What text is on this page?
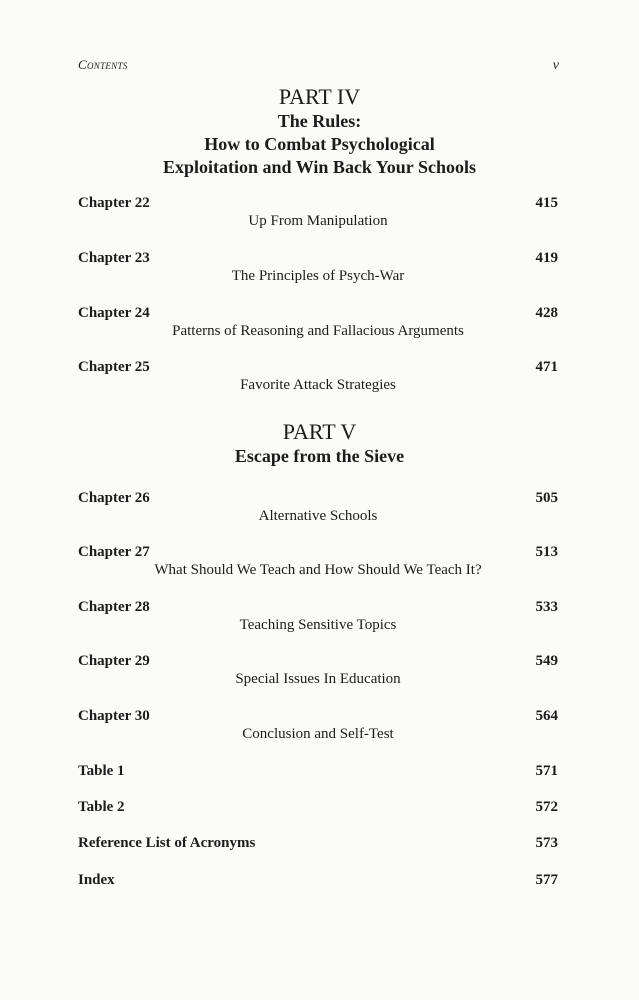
Contents	v
PART IV
The Rules:
How to Combat Psychological
Exploitation and Win Back Your Schools
Chapter 22	415
Up From Manipulation
Chapter 23	419
The Principles of Psych-War
Chapter 24	428
Patterns of Reasoning and Fallacious Arguments
Chapter 25	471
Favorite Attack Strategies
PART V
Escape from the Sieve
Chapter 26	505
Alternative Schools
Chapter 27	513
What Should We Teach and How Should We Teach It?
Chapter 28	533
Teaching Sensitive Topics
Chapter 29	549
Special Issues In Education
Chapter 30	564
Conclusion and Self-Test
Table 1	571
Table 2	572
Reference List of Acronyms	573
Index	577
